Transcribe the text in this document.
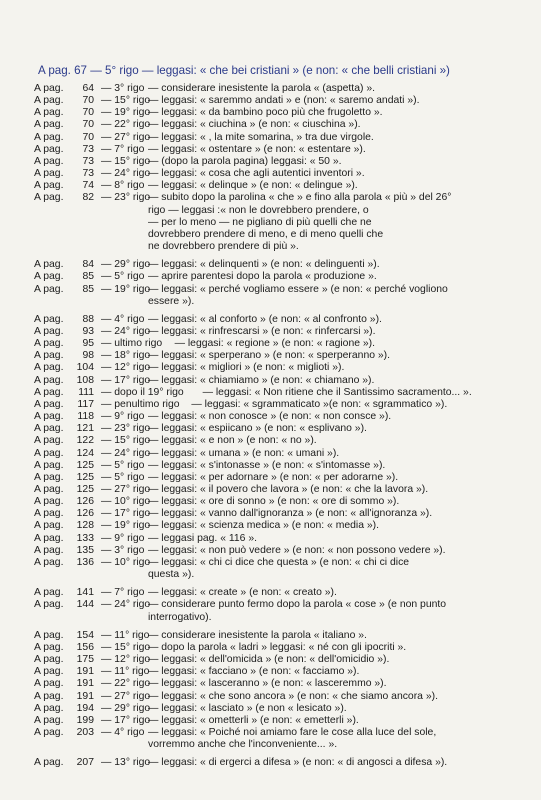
A pag. 67 — 5° rigo — leggasi: « che bei cristiani » (e non: « che belli cristiani »)
A pag.	64 — 3° rigo — considerare inesistente la parola « (aspetta) ».
A pag.	70 — 15° rigo
— leggasi: « saremmo andati » e (non: « saremo andati »).
A pag.	70 — 19° rigo
— leggasi: « da bambino poco più che frugoletto ».
A pag.	70 — 22° rigo
— leggasi: « ciuchina » (e non: « ciuschina »).
A pag.	70 — 27° rigo
— leggasi: « , la mite somarina, » tra due virgole.
A pag.	73 — 7° rigo — leggasi: « ostentare » (e non: « estentare »).
A pag.	73 — 15° rigo
— (dopo la parola pagina) leggasi: « 50 ».
A pag.	73 — 24° rigo
— leggasi: « cosa che agli autentici inventori ».
A pag.	74 — 8° rigo — leggasi: « delinque » (e non: « delingue »).
A pag.	82 — 23° rigo
— subito dopo la parolina « che » e fino alla parola « più » del 26°
rigo — leggasi :« non le dovrebbero prendere, o
— per lo meno — ne pigliano di più quelli che ne
dovrebbero prendere di meno, e di meno quelli che
ne dovrebbero prendere di più ».
A pag.	84 — 29° rigo
— leggasi: « delinquenti » (e non: « delinguenti »).
A pag.	85 — 5° rigo — aprire parentesi dopo la parola « produzione ».
A pag.	85 — 19° rigo
— leggasi: « perché vogliamo essere » (e non: « perché vogliono
essere »).
A pag.	88 — 4° rigo — leggasi: « al conforto » (e non: « al confronto »).
A pag.	93 — 24° rigo
— leggasi: « rinfrescarsi » (e non: « rinfercarsi »).
A pag.	95 — ultimo rigo — leggasi: « regione » (e non: « ragione »).
A pag.	98 — 18° rigo
— leggasi: « sperperano » (e non: « sperperanno »).
A pag.	104 — 12° rigo
— leggasi: « migliori » (e non: « miglioti »).
A pag.	108 — 17° rigo
— leggasi: « chiamiamo » (e non: « chiamano »).
A pag.	111 — dopo il 19° rigo — leggasi: « Non ritiene che il Santissimo sacramento... ».
A pag.	117 — penultimo rigo — leggasi: « sgrammaticato »(e non: « sgrammatico »).
A pag.	118 — 9° rigo — leggasi: « non conosce » (e non: « non consce »).
A pag.	121 — 23° rigo
— leggasi: « espiicano » (e non: « esplivano »).
A pag.	122 — 15° rigo
— leggasi: « e non » (e non: « no »).
A pag.	124 — 24° rigo
— leggasi: « umana » (e non: « umani »).
A pag.	125 — 5° rigo — leggasi: « s'intonasse » (e non: « s'intomasse »).
A pag.	125 — 5° rigo — leggasi: « per adornare » (e non: « per adorarne »).
A pag.	125 — 27° rigo
— leggasi: « il povero che lavora » (e non: « che la lavora »).
A pag.	126 — 10° rigo
— leggasi: « ore di sonno » (e non: « ore di sommo »).
A pag.	126 — 17° rigo
— leggasi: « vanno dall'ignoranza » (e non: « all'ignoranza »).
A pag.	128 — 19° rigo
— leggasi: « scienza medica » (e non: « media »).
A pag.	133 — 9° rigo — leggasi pag. « 116 ».
A pag.	135 — 3° rigo — leggasi: « non può vedere » (e non: « non possono vedere »).
A pag.	136 — 10° rigo
— leggasi: « chi ci dice che questa » (e non: « chi ci dice
questa »).
A pag.	141 — 7° rigo — leggasi: « create » (e non: « creato »).
A pag.	144 — 24° rigo
— considerare punto fermo dopo la parola « cose » (e non punto
interrogativo).
A pag.	154 — 11° rigo
— considerare inesistente la parola « italiano ».
A pag.	156 — 15° rigo
— dopo la parola « ladri » leggasi: « né con gli ipocriti ».
A pag.	175 — 12° rigo
— leggasi: « dell'omicida » (e non: « dell'omicidio »).
A pag.	191 — 11° rigo
— leggasi: « facciano » (e non: « facciamo »).
A pag.	191 — 22° rigo
— leggasi: « lasceranno » (e non: « lasceremmo »).
A pag.	191 — 27° rigo
— leggasi: « che sono ancora » (e non: « che siamo ancora »).
A pag.	194 — 29° rigo
— leggasi: « lasciato » (e non « lesicato »).
A pag.	199 — 17° rigo
— leggasi: « ometterli » (e non: « emetterli »).
A pag.	203 — 4° rigo — leggasi: « Poiché noi amiamo fare le cose alla luce del sole,
vorremmo anche che l'inconveniente... ».
A pag.	207 — 13° rigo
— leggasi: « di ergerci a difesa » (e non: « di angosci a difesa »).
